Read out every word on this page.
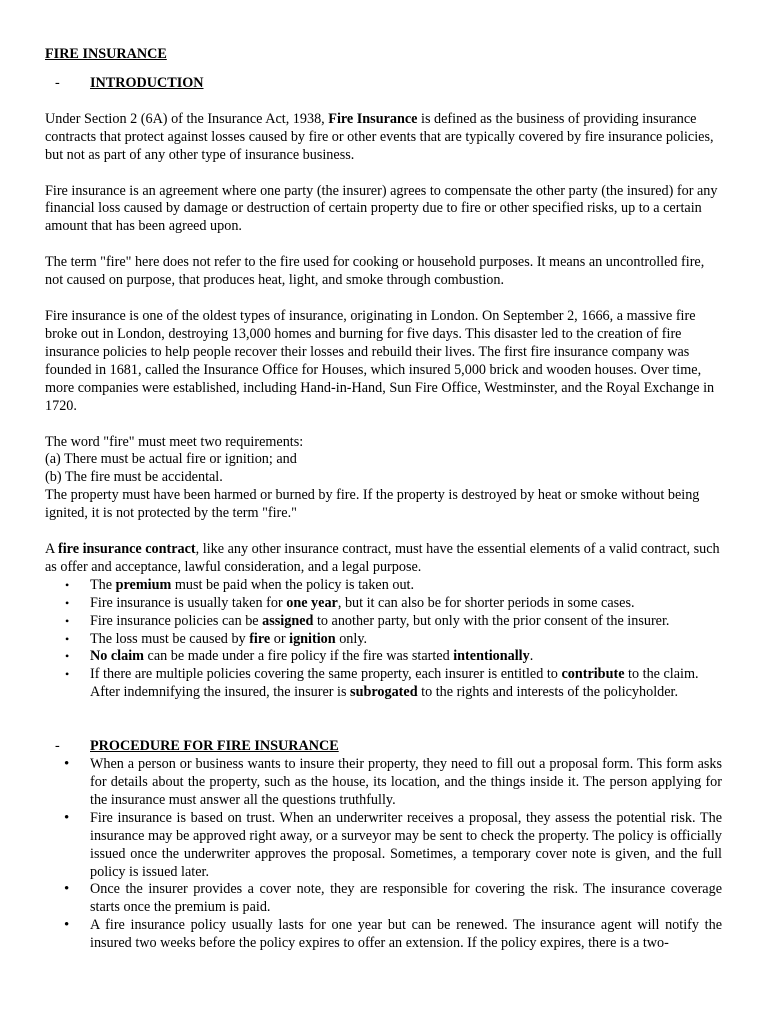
FIRE INSURANCE

-	INTRODUCTION

Under Section 2 (6A) of the Insurance Act, 1938, Fire Insurance is defined as the business of providing insurance contracts that protect against losses caused by fire or other events that are typically covered by fire insurance policies, but not as part of any other type of insurance business.

Fire insurance is an agreement where one party (the insurer) agrees to compensate the other party (the insured) for any financial loss caused by damage or destruction of certain property due to fire or other specified risks, up to a certain amount that has been agreed upon.

The term "fire" here does not refer to the fire used for cooking or household purposes. It means an uncontrolled fire, not caused on purpose, that produces heat, light, and smoke through combustion.

Fire insurance is one of the oldest types of insurance, originating in London. On September 2, 1666, a massive fire broke out in London, destroying 13,000 homes and burning for five days. This disaster led to the creation of fire insurance policies to help people recover their losses and rebuild their lives. The first fire insurance company was founded in 1681, called the Insurance Office for Houses, which insured 5,000 brick and wooden houses. Over time, more companies were established, including Hand-in-Hand, Sun Fire Office, Westminster, and the Royal Exchange in 1720.

The word "fire" must meet two requirements:

(a) There must be actual fire or ignition; and

(b) The fire must be accidental.

The property must have been harmed or burned by fire. If the property is destroyed by heat or smoke without being ignited, it is not protected by the term "fire."

A fire insurance contract, like any other insurance contract, must have the essential elements of a valid contract, such as offer and acceptance, lawful consideration, and a legal purpose.

• The premium must be paid when the policy is taken out.
• Fire insurance is usually taken for one year, but it can also be for shorter periods in some cases.
• Fire insurance policies can be assigned to another party, but only with the prior consent of the insurer.
• The loss must be caused by fire or ignition only.
• No claim can be made under a fire policy if the fire was started intentionally.
• If there are multiple policies covering the same property, each insurer is entitled to contribute to the claim. After indemnifying the insured, the insurer is subrogated to the rights and interests of the policyholder.
-	PROCEDURE FOR FIRE INSURANCE
• When a person or business wants to insure their property, they need to fill out a proposal form. This form asks for details about the property, such as the house, its location, and the things inside it. The person applying for the insurance must answer all the questions truthfully.
• Fire insurance is based on trust. When an underwriter receives a proposal, they assess the potential risk. The insurance may be approved right away, or a surveyor may be sent to check the property. The policy is officially issued once the underwriter approves the proposal. Sometimes, a temporary cover note is given, and the full policy is issued later.
• Once the insurer provides a cover note, they are responsible for covering the risk. The insurance coverage starts once the premium is paid.
• A fire insurance policy usually lasts for one year but can be renewed. The insurance agent will notify the insured two weeks before the policy expires to offer an extension. If the policy expires, there is a two-
